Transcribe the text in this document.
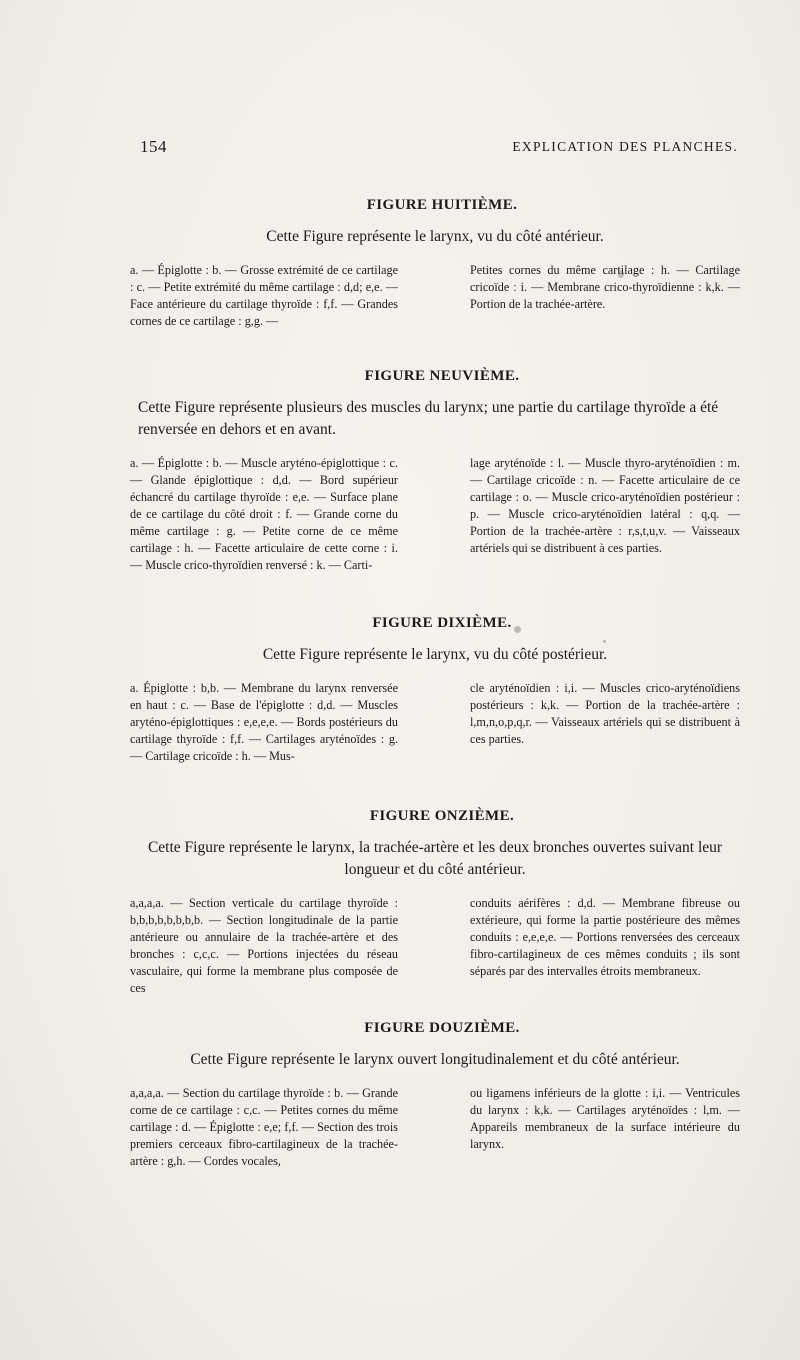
154	EXPLICATION DES PLANCHES.
FIGURE HUITIÈME.
Cette Figure représente le larynx, vu du côté antérieur.
a. — Épiglotte : b. — Grosse extrémité de ce cartilage : c. — Petite extrémité du même cartilage : d,d; e,e. — Face antérieure du cartilage thyroïde : f,f. — Grandes cornes de ce cartilage : g,g. —
Petites cornes du même cartilage : h. — Cartilage cricoïde : i. — Membrane crico-thyroïdienne : k,k. — Portion de la trachée-artère.
FIGURE NEUVIÈME.
Cette Figure représente plusieurs des muscles du larynx; une partie du cartilage thyroïde a été renversée en dehors et en avant.
a. — Épiglotte : b. — Muscle aryténo-épiglottique : c. — Glande épiglottique : d,d. — Bord supérieur échancré du cartilage thyroïde : e,e. — Surface plane de ce cartilage du côté droit : f. — Grande corne du même cartilage : g. — Petite corne de ce même cartilage : h. — Facette articulaire de cette corne : i. — Muscle crico-thyroïdien renversé : k. — Carti-
lage aryténoïde : l. — Muscle thyro-aryténoïdien : m. — Cartilage cricoïde : n. — Facette articulaire de ce cartilage : o. — Muscle crico-aryténoïdien postérieur : p. — Muscle crico-aryténoïdien latéral : q,q. — Portion de la trachée-artère : r,s,t,u,v. — Vaisseaux artériels qui se distribuent à ces parties.
FIGURE DIXIÈME.
Cette Figure représente le larynx, vu du côté postérieur.
a. Épiglotte : b,b. — Membrane du larynx renversée en haut : c. — Base de l'épiglotte : d,d. — Muscles aryténo-épiglottiques : e,e,e,e. — Bords postérieurs du cartilage thyroïde : f,f. — Cartilages aryténoïdes : g. — Cartilage cricoïde : h. — Mus-
cle aryténoïdien : i,i. — Muscles crico-aryténoïdiens postérieurs : k,k. — Portion de la trachée-artère : l,m,n,o,p,q,r. — Vaisseaux artériels qui se distribuent à ces parties.
FIGURE ONZIÈME.
Cette Figure représente le larynx, la trachée-artère et les deux bronches ouvertes suivant leur longueur et du côté antérieur.
a,a,a,a. — Section verticale du cartilage thyroïde : b,b,b,b,b,b,b,b. — Section longitudinale de la partie antérieure ou annulaire de la trachée-artère et des bronches : c,c,c. — Portions injectées du réseau vasculaire, qui forme la membrane plus composée de ces
conduits aérifères : d,d. — Membrane fibreuse ou extérieure, qui forme la partie postérieure des mêmes conduits : e,e,e,e. — Portions renversées des cerceaux fibro-cartilagineux de ces mêmes conduits ; ils sont séparés par des intervalles étroits membraneux.
FIGURE DOUZIÈME.
Cette Figure représente le larynx ouvert longitudinalement et du côté antérieur.
a,a,a,a. — Section du cartilage thyroïde : b. — Grande corne de ce cartilage : c,c. — Petites cornes du même cartilage : d. — Épiglotte : e,e; f,f. — Section des trois premiers cerceaux fibro-cartilagineux de la trachée-artère : g,h. — Cordes vocales,
ou ligamens inférieurs de la glotte : i,i. — Ventricules du larynx : k,k. — Cartilages aryténoïdes : l,m. — Appareils membraneux de la surface intérieure du larynx.
